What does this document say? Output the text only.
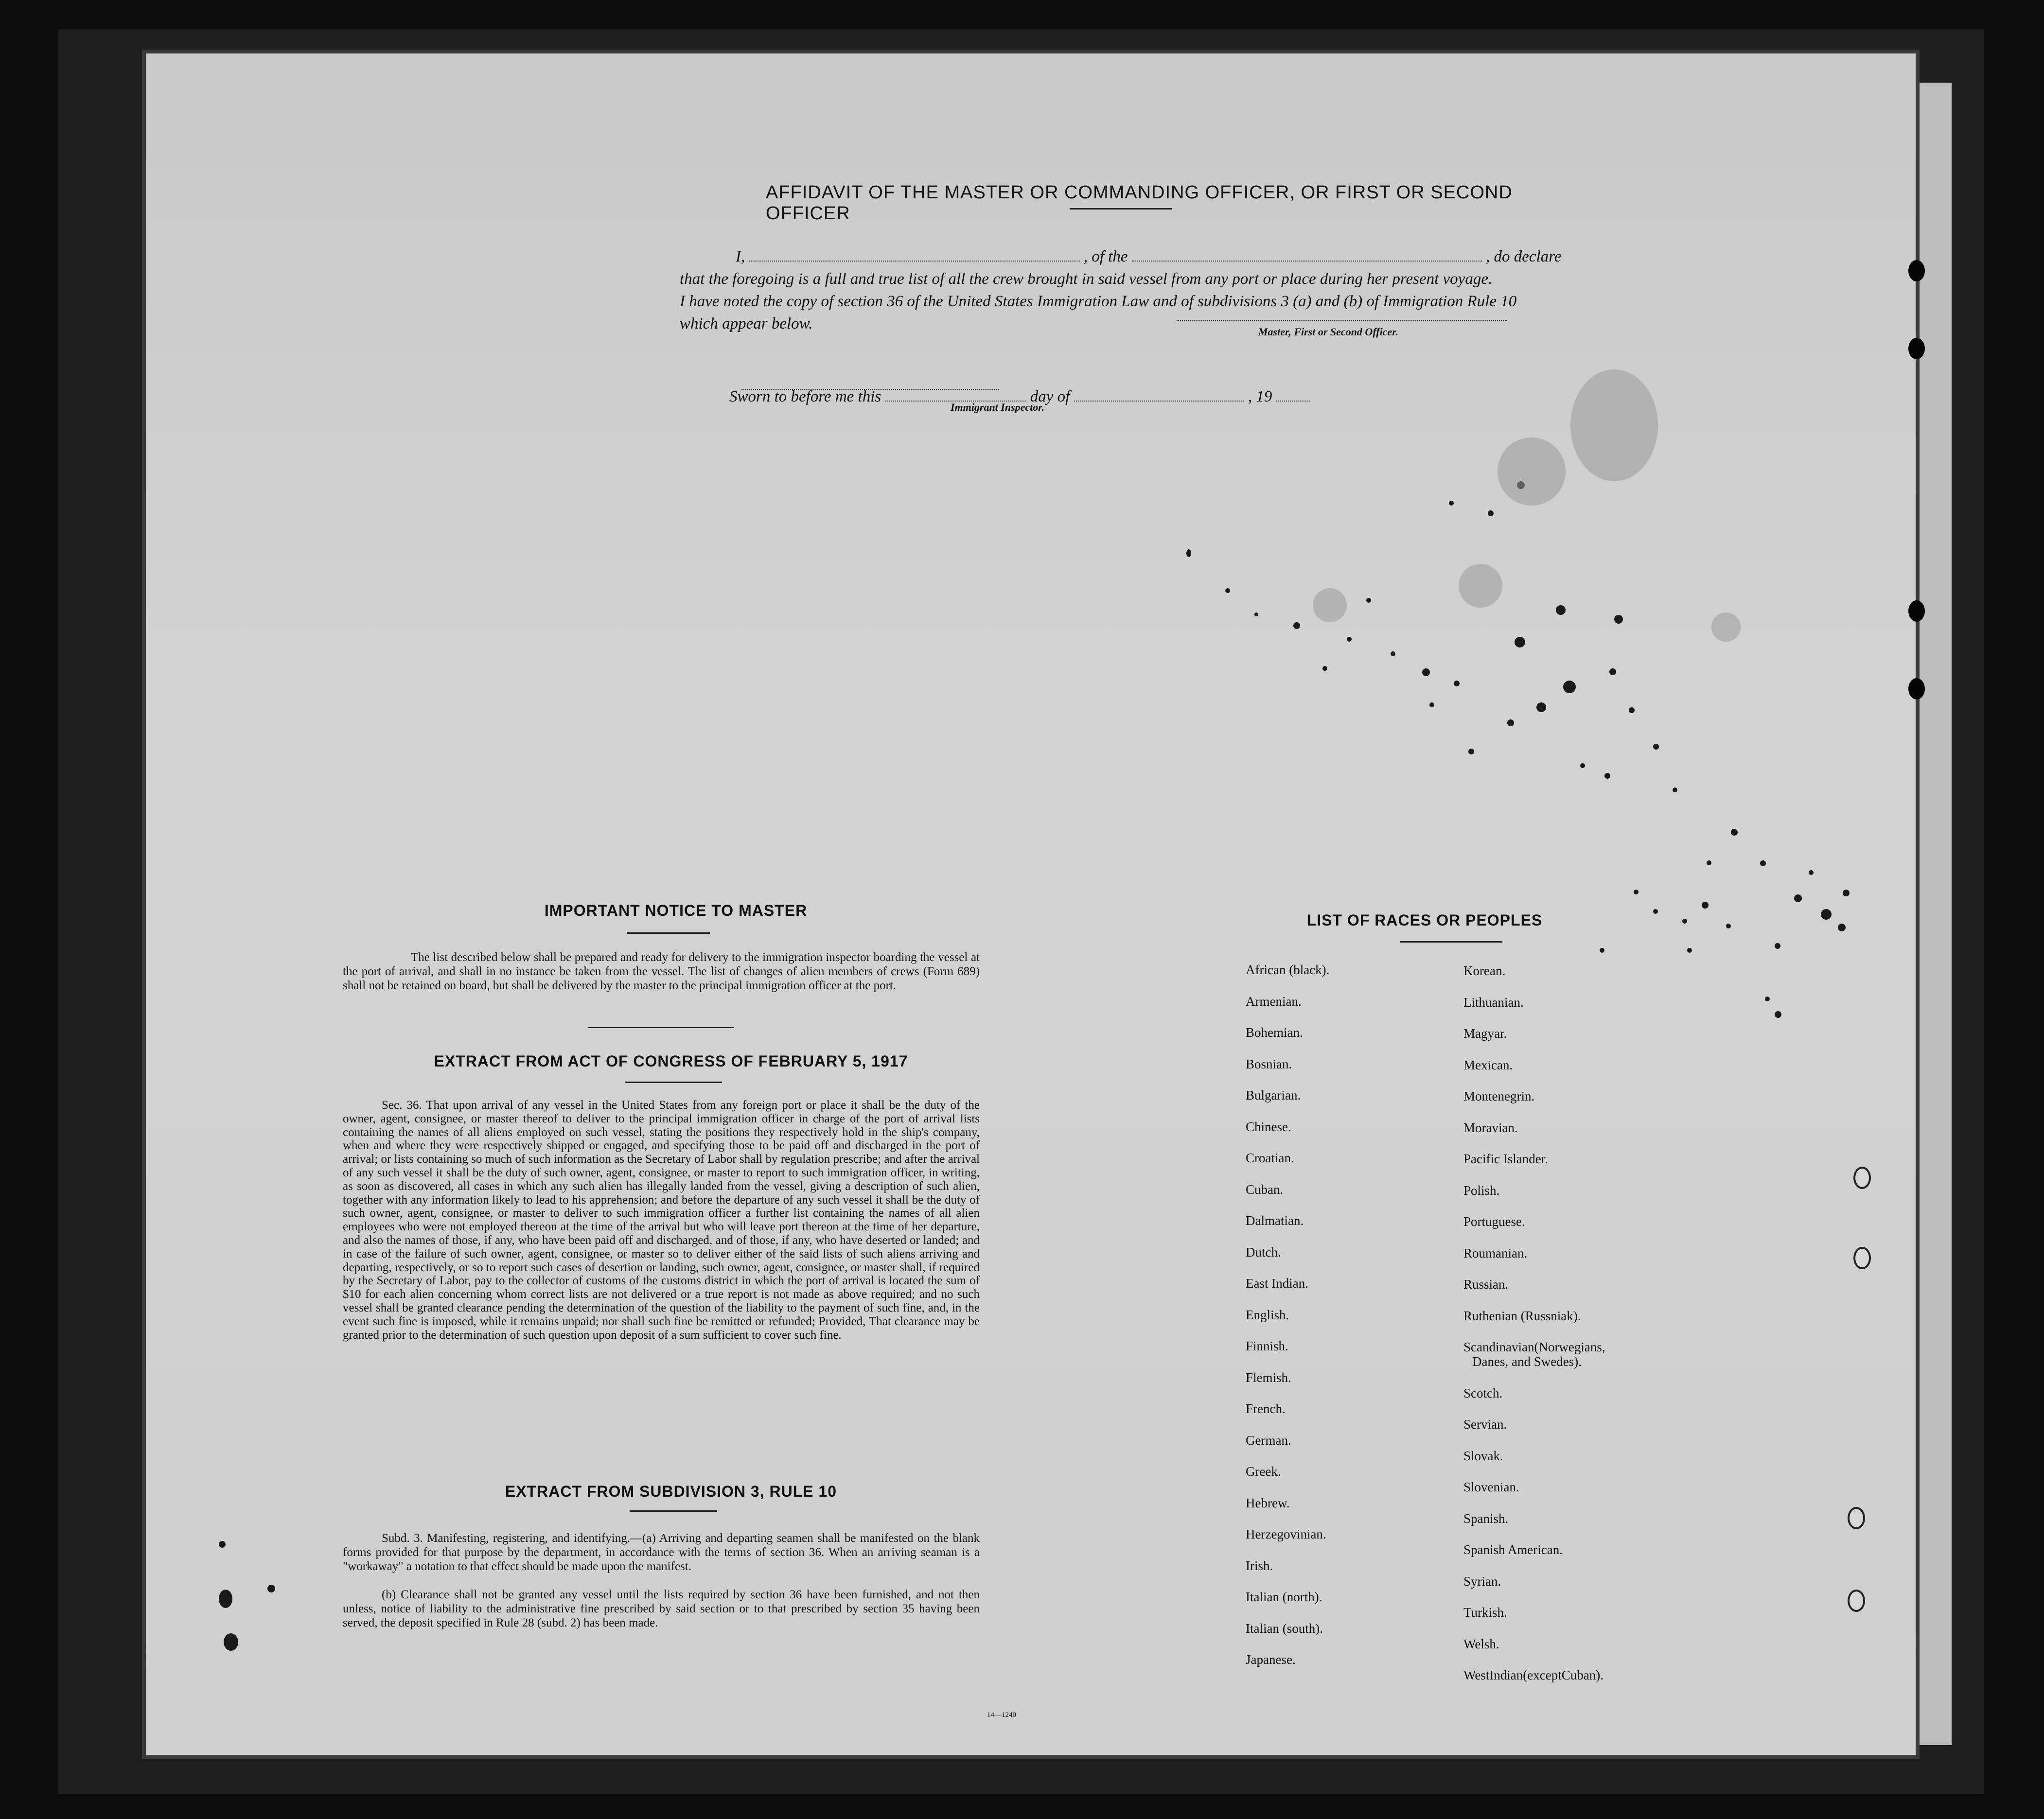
AFFIDAVIT OF THE MASTER OR COMMANDING OFFICER, OR FIRST OR SECOND OFFICER
I,	, of the	, do declare
that the foregoing is a full and true list of all the crew brought in said vessel from any port or place during her present voyage.
I have noted the copy of section 36 of the United States Immigration Law and of subdivisions 3 (a) and (b) of Immigration Rule 10
which appear below.	Master, First or Second Officer.
Sworn to before me this	day of	, 19
Immigrant Inspector.
IMPORTANT NOTICE TO MASTER
The list described below shall be prepared and ready for delivery to the immigration inspector boarding the vessel at the port of arrival, and shall in no instance be taken from the vessel. The list of changes of alien members of crews (Form 689) shall not be retained on board, but shall be delivered by the master to the principal immigration officer at the port.
EXTRACT FROM ACT OF CONGRESS OF FEBRUARY 5, 1917
Sec. 36. That upon arrival of any vessel in the United States from any foreign port or place it shall be the duty of the owner, agent, consignee, or master thereof to deliver to the principal immigration officer in charge of the port of arrival lists containing the names of all aliens employed on such vessel, stating the positions they respectively hold in the ship's company, when and where they were respectively shipped or engaged, and specifying those to be paid off and discharged in the port of arrival; or lists containing so much of such information as the Secretary of Labor shall by regulation prescribe; and after the arrival of any such vessel it shall be the duty of such owner, agent, consignee, or master to report to such immigration officer, in writing, as soon as discovered, all cases in which any such alien has illegally landed from the vessel, giving a description of such alien, together with any information likely to lead to his apprehension; and before the departure of any such vessel it shall be the duty of such owner, agent, consignee, or master to deliver to such immigration officer a further list containing the names of all alien employees who were not employed thereon at the time of the arrival but who will leave port thereon at the time of her departure, and also the names of those, if any, who have been paid off and discharged, and of those, if any, who have deserted or landed; and in case of the failure of such owner, agent, consignee, or master so to deliver either of the said lists of such aliens arriving and departing, respectively, or so to report such cases of desertion or landing, such owner, agent, consignee, or master shall, if required by the Secretary of Labor, pay to the collector of customs of the customs district in which the port of arrival is located the sum of $10 for each alien concerning whom correct lists are not delivered or a true report is not made as above required; and no such vessel shall be granted clearance pending the determination of the question of the liability to the payment of such fine, and, in the event such fine is imposed, while it remains unpaid; nor shall such fine be remitted or refunded; Provided, That clearance may be granted prior to the determination of such question upon deposit of a sum sufficient to cover such fine.
EXTRACT FROM SUBDIVISION 3, RULE 10
Subd. 3. Manifesting, registering, and identifying.—(a) Arriving and departing seamen shall be manifested on the blank forms provided for that purpose by the department, in accordance with the terms of section 36. When an arriving seaman is a "workaway" a notation to that effect should be made upon the manifest.
(b) Clearance shall not be granted any vessel until the lists required by section 36 have been furnished, and not then unless, notice of liability to the administrative fine prescribed by said section or to that prescribed by section 35 having been served, the deposit specified in Rule 28 (subd. 2) has been made.
14—1240
LIST OF RACES OR PEOPLES
African (black).
Armenian.
Bohemian.
Bosnian.
Bulgarian.
Chinese.
Croatian.
Cuban.
Dalmatian.
Dutch.
East Indian.
English.
Finnish.
Flemish.
French.
German.
Greek.
Hebrew.
Herzegovinian.
Irish.
Italian (north).
Italian (south).
Japanese.
Korean.
Lithuanian.
Magyar.
Mexican.
Montenegrin.
Moravian.
Pacific Islander.
Polish.
Portuguese.
Roumanian.
Russian.
Ruthenian (Russniak).
Scandinavian(Norwegians,
Danes, and Swedes).
Scotch.
Servian.
Slovak.
Slovenian.
Spanish.
Spanish American.
Syrian.
Turkish.
Welsh.
WestIndian(exceptCuban).
